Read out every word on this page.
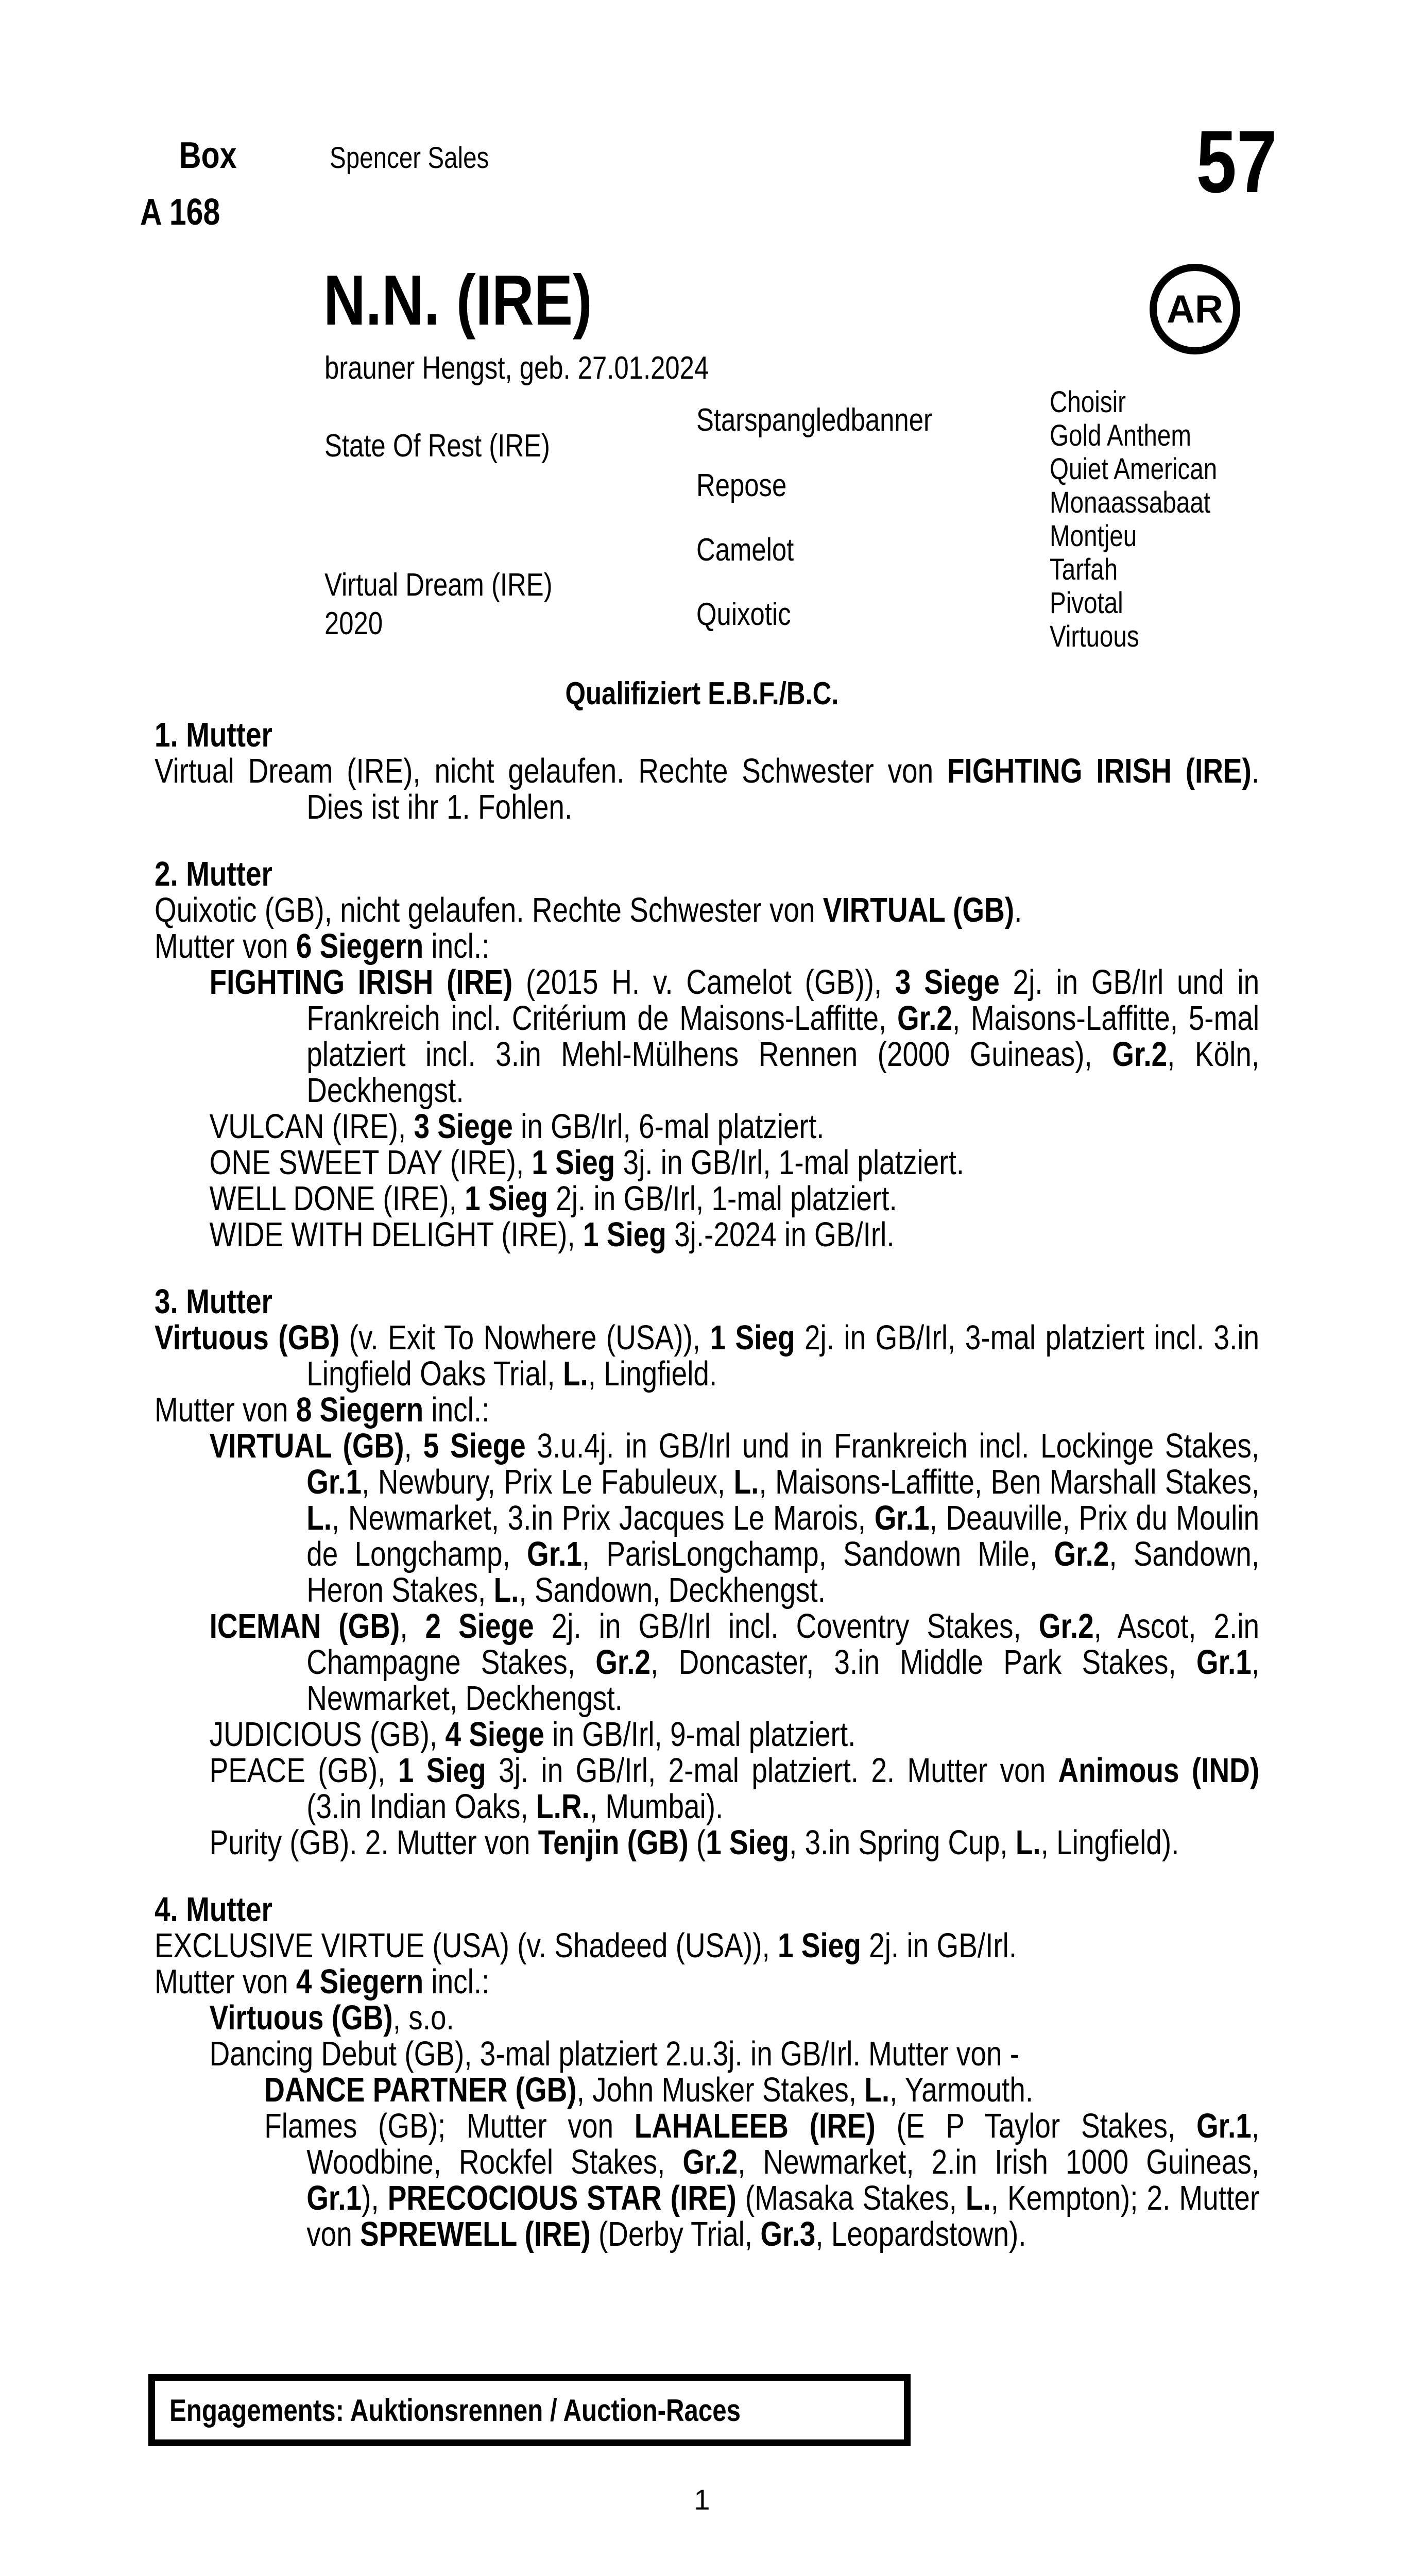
Box
A 168
Spencer Sales	57
AR
N.N. (IRE)
brauner Hengst, geb. 27.01.2024
State Of Rest (IRE)
Virtual Dream (IRE)
2020
Starspangledbanner
Repose
Camelot
Quixotic
Choisir
Gold Anthem
Quiet American
Monaassabaat
Montjeu
Tarfah
Pivotal
Virtuous
Qualifiziert E.B.F./B.C.
1. Mutter

Virtual Dream (IRE), nicht gelaufen. Rechte Schwester von FIGHTING IRISH (IRE). Dies ist ihr 1. Fohlen.

2. Mutter

Quixotic (GB), nicht gelaufen. Rechte Schwester von VIRTUAL (GB).

Mutter von 6 Siegern incl.:

FIGHTING IRISH (IRE) (2015 H. v. Camelot (GB)), 3 Siege 2j. in GB/Irl und in Frankreich incl. Critérium de Maisons-Laffitte, Gr.2, Maisons-Laffitte, 5-mal platziert incl. 3.in Mehl-Mülhens Rennen (2000 Guineas), Gr.2, Köln, Deckhengst.

VULCAN (IRE), 3 Siege in GB/Irl, 6-mal platziert.

ONE SWEET DAY (IRE), 1 Sieg 3j. in GB/Irl, 1-mal platziert.

WELL DONE (IRE), 1 Sieg 2j. in GB/Irl, 1-mal platziert.

WIDE WITH DELIGHT (IRE), 1 Sieg 3j.-2024 in GB/Irl.

3. Mutter

Virtuous (GB) (v. Exit To Nowhere (USA)), 1 Sieg 2j. in GB/Irl, 3-mal platziert incl. 3.in Lingfield Oaks Trial, L., Lingfield.

Mutter von 8 Siegern incl.:

VIRTUAL (GB), 5 Siege 3.u.4j. in GB/Irl und in Frankreich incl. Lockinge Stakes, Gr.1, Newbury, Prix Le Fabuleux, L., Maisons-Laffitte, Ben Marshall Stakes, L., Newmarket, 3.in Prix Jacques Le Marois, Gr.1, Deauville, Prix du Moulin de Longchamp, Gr.1, ParisLongchamp, Sandown Mile, Gr.2, Sandown, Heron Stakes, L., Sandown, Deckhengst.

ICEMAN (GB), 2 Siege 2j. in GB/Irl incl. Coventry Stakes, Gr.2, Ascot, 2.in Champagne Stakes, Gr.2, Doncaster, 3.in Middle Park Stakes, Gr.1, Newmarket, Deckhengst.

JUDICIOUS (GB), 4 Siege in GB/Irl, 9-mal platziert.

PEACE (GB), 1 Sieg 3j. in GB/Irl, 2-mal platziert. 2. Mutter von Animous (IND) (3.in Indian Oaks, L.R., Mumbai).

Purity (GB). 2. Mutter von Tenjin (GB) (1 Sieg, 3.in Spring Cup, L., Lingfield).

4. Mutter

EXCLUSIVE VIRTUE (USA) (v. Shadeed (USA)), 1 Sieg 2j. in GB/Irl.

Mutter von 4 Siegern incl.:

Virtuous (GB), s.o.

Dancing Debut (GB), 3-mal platziert 2.u.3j. in GB/Irl. Mutter von -

DANCE PARTNER (GB), John Musker Stakes, L., Yarmouth.

Flames (GB); Mutter von LAHALEEB (IRE) (E P Taylor Stakes, Gr.1, Woodbine, Rockfel Stakes, Gr.2, Newmarket, 2.in Irish 1000 Guineas, Gr.1), PRECOCIOUS STAR (IRE) (Masaka Stakes, L., Kempton); 2. Mutter von SPREWELL (IRE) (Derby Trial, Gr.3, Leopardstown).

Engagements: Auktionsrennen / Auction-Races
1
